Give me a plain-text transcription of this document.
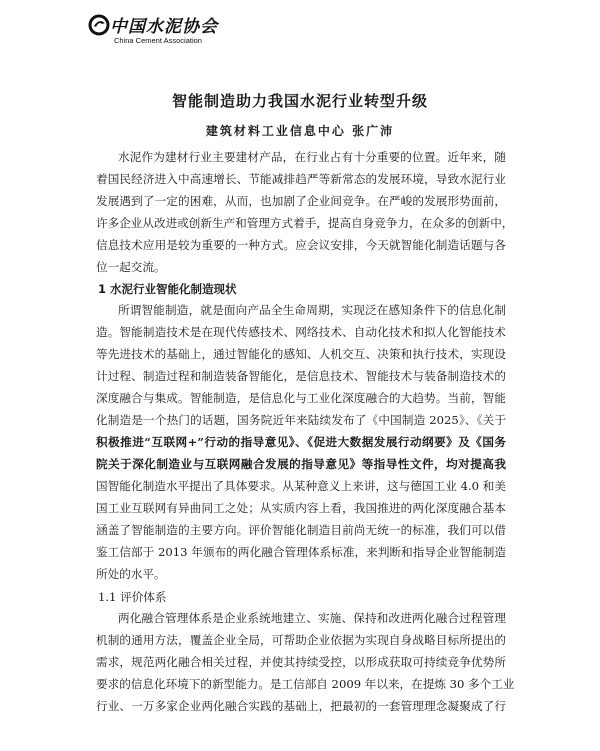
中国水泥协会
China Cement Association
智能制造助力我国水泥行业转型升级
建筑材料工业信息中心 张广沛
水泥作为建材行业主要建材产品，在行业占有十分重要的位置。近年来，随
着国民经济进入中高速增长、节能减排趋严等新常态的发展环境，导致水泥行业
发展遇到了一定的困难，从而，也加剧了企业间竞争。在严峻的发展形势面前，
许多企业从改进或创新生产和管理方式着手，提高自身竞争力，在众多的创新中，
信息技术应用是较为重要的一种方式。应会议安排，今天就智能化制造话题与各
位一起交流。
1 水泥行业智能化制造现状
所谓智能制造，就是面向产品全生命周期，实现泛在感知条件下的信息化制
造。智能制造技术是在现代传感技术、网络技术、自动化技术和拟人化智能技术
等先进技术的基础上，通过智能化的感知、人机交互、决策和执行技术，实现设
计过程、制造过程和制造装备智能化，是信息技术、智能技术与装备制造技术的
深度融合与集成。智能制造，是信息化与工业化深度融合的大趋势。当前，智能
化制造是一个热门的话题，国务院近年来陆续发布了《中国制造 2025》、《关于
积极推进“互联网+”行动的指导意见》、《促进大数据发展行动纲要》及《国务
院关于深化制造业与互联网融合发展的指导意见》等指导性文件，均对提高我
国智能化制造水平提出了具体要求。从某种意义上来讲，这与德国工业 4.0 和美
国工业互联网有异曲同工之处；从实质内容上看，我国推进的两化深度融合基本
涵盖了智能制造的主要方向。评价智能化制造目前尚无统一的标准，我们可以借
鉴工信部于 2013 年颁布的两化融合管理体系标准，来判断和指导企业智能制造
所处的水平。
1.1 评价体系
两化融合管理体系是企业系统地建立、实施、保持和改进两化融合过程管理
机制的通用方法，覆盖企业全局，可帮助企业依据为实现自身战略目标所提出的
需求，规范两化融合相关过程，并使其持续受控，以形成获取可持续竞争优势所
要求的信息化环境下的新型能力。是工信部自 2009 年以来，在提炼 30 多个工业
行业、一万多家企业两化融合实践的基础上，把最初的一套管理理念凝聚成了行
